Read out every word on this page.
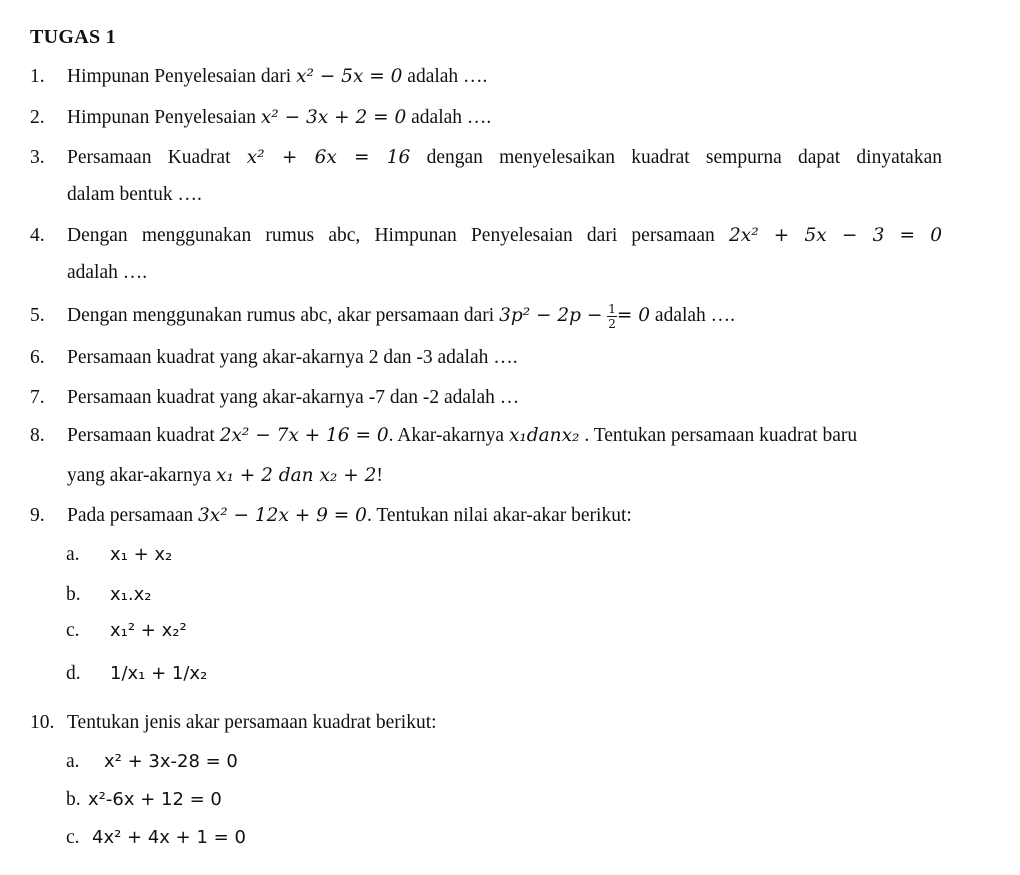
TUGAS 1
1. Himpunan Penyelesaian dari x² − 5x = 0 adalah ….
2. Himpunan Penyelesaian x² − 3x + 2 = 0 adalah ….
3. Persamaan Kuadrat x² + 6x = 16 dengan menyelesaikan kuadrat sempurna dapat dinyatakan
dalam bentuk ….
4. Dengan menggunakan rumus abc, Himpunan Penyelesaian dari persamaan 2x² + 5x − 3 = 0
adalah ….
5. Dengan menggunakan rumus abc, akar persamaan dari $3p^2 - 2p - \frac{1}{2} = 0$ adalah ….
6. Persamaan kuadrat yang akar-akarnya 2 dan -3 adalah ….
7. Persamaan kuadrat yang akar-akarnya -7 dan -2 adalah …
8. Persamaan kuadrat 2x² − 7x + 16 = 0. Akar-akarnya x₁danx₂ . Tentukan persamaan kuadrat baru
yang akar-akarnya x₁ + 2 dan x₂ + 2!
9. Pada persamaan 3x² − 12x + 9 = 0. Tentukan nilai akar-akar berikut:
a. x₁ + x₂
b. x₁.x₂
c. x₁² + x₂²
d. 1/x₁ + 1/x₂
10. Tentukan jenis akar persamaan kuadrat berikut:
a. x² + 3x-28 = 0
b. x²-6x + 12 = 0
c. 4x² + 4x + 1 = 0
